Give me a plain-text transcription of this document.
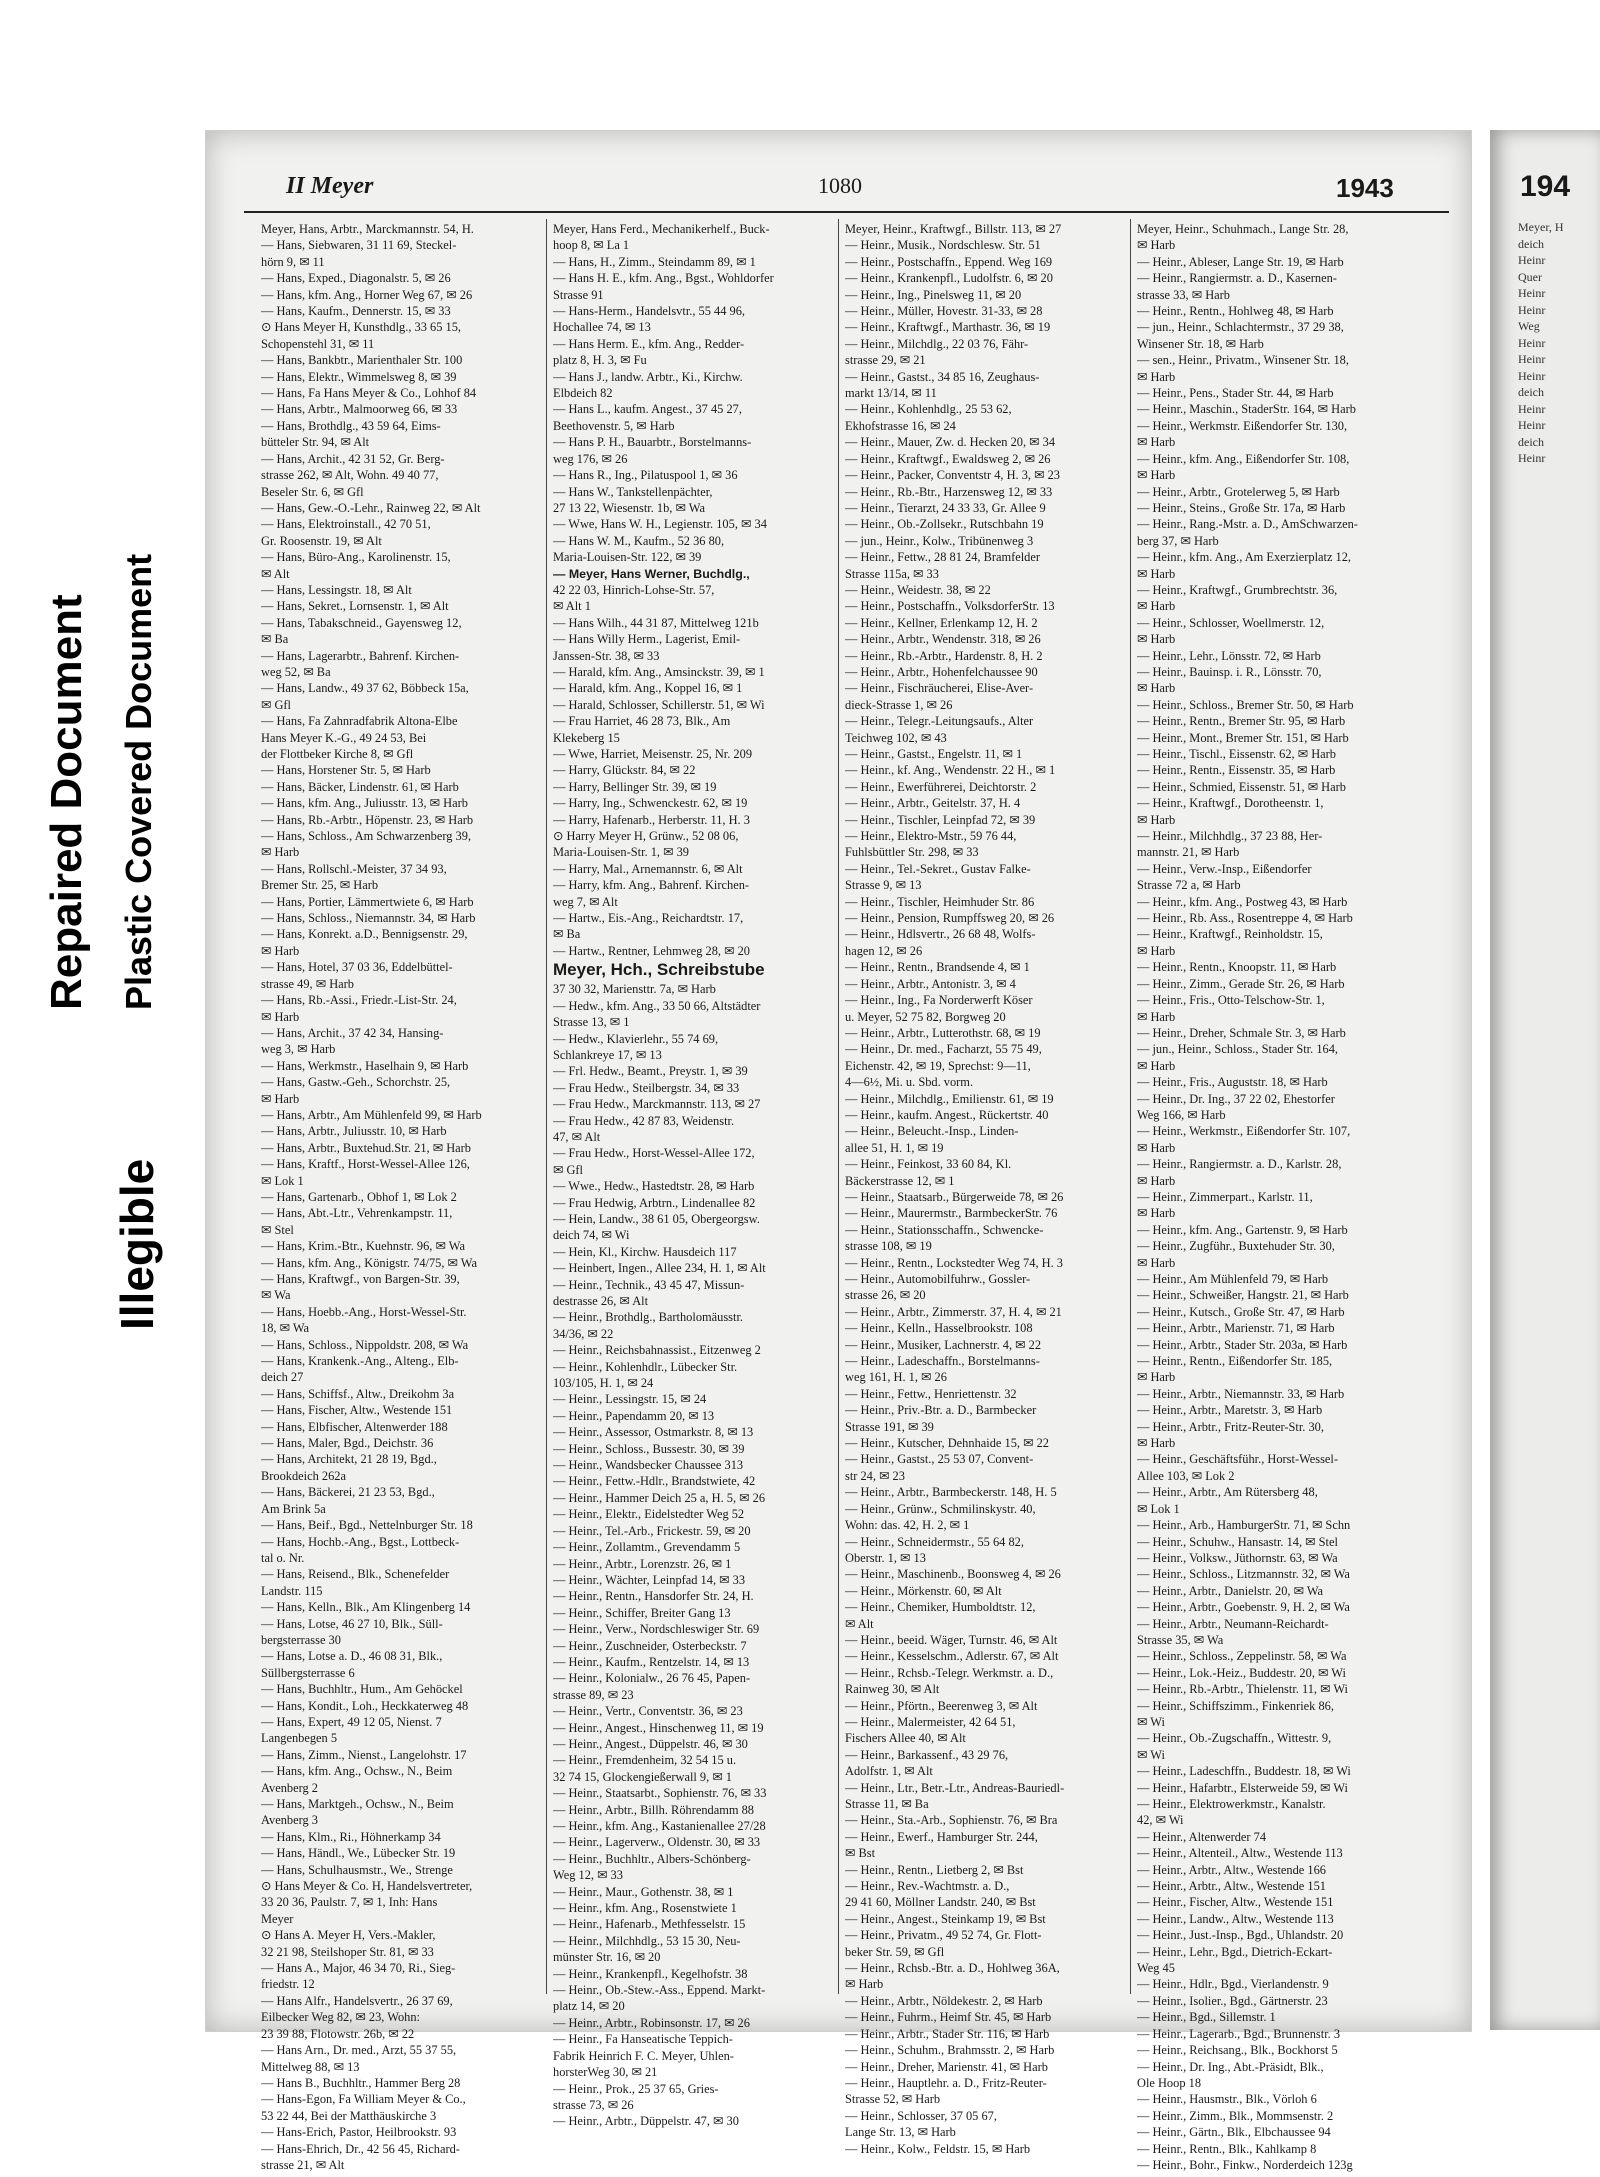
Repaired Document Plastic Covered Document
Illegible
II Meyer	1080	1943
Meyer, Hans, Arbtr., Marckmannstr. 54, H.
— Hans, Siebwaren, 31 11 69, Steckel-
hörn 9, ✉ 11
— Hans, Exped., Diagonalstr. 5, ✉ 26
— Hans, kfm. Ang., Horner Weg 67, ✉ 26
— Hans, Kaufm., Dennerstr. 15, ✉ 33
⊙ Hans Meyer H, Kunsthdlg., 33 65 15,
Schopenstehl 31, ✉ 11
— Hans, Bankbtr., Marienthaler Str. 100
— Hans, Elektr., Wimmelsweg 8, ✉ 39
— Hans, Fa Hans Meyer & Co., Lohhof 84
— Hans, Arbtr., Malmoorweg 66, ✉ 33
— Hans, Brothdlg., 43 59 64, Eims-
bütteler Str. 94, ✉ Alt
— Hans, Archit., 42 31 52, Gr. Berg-
strasse 262, ✉ Alt, Wohn. 49 40 77,
Beseler Str. 6, ✉ Gfl
— Hans, Gew.-O.-Lehr., Rainweg 22, ✉ Alt
— Hans, Elektroinstall., 42 70 51,
Gr. Roosenstr. 19, ✉ Alt
— Hans, Büro-Ang., Karolinenstr. 15,
✉ Alt
— Hans, Lessingstr. 18, ✉ Alt
— Hans, Sekret., Lornsenstr. 1, ✉ Alt
— Hans, Tabakschneid., Gayensweg 12,
✉ Ba
— Hans, Lagerarbtr., Bahrenf. Kirchen-
weg 52, ✉ Ba
— Hans, Landw., 49 37 62, Böbbeck 15a,
✉ Gfl
— Hans, Fa Zahnradfabrik Altona-Elbe
Hans Meyer K.-G., 49 24 53, Bei
der Flottbeker Kirche 8, ✉ Gfl
— Hans, Horstener Str. 5, ✉ Harb
— Hans, Bäcker, Lindenstr. 61, ✉ Harb
— Hans, kfm. Ang., Juliusstr. 13, ✉ Harb
— Hans, Rb.-Arbtr., Höpenstr. 23, ✉ Harb
— Hans, Schloss., Am Schwarzenberg 39,
✉ Harb
— Hans, Rollschl.-Meister, 37 34 93,
Bremer Str. 25, ✉ Harb
— Hans, Portier, Lämmertwiete 6, ✉ Harb
— Hans, Schloss., Niemannstr. 34, ✉ Harb
— Hans, Konrekt. a.D., Bennigsenstr. 29,
✉ Harb
— Hans, Hotel, 37 03 36, Eddelbüttel-
strasse 49, ✉ Harb
— Hans, Rb.-Assi., Friedr.-List-Str. 24,
✉ Harb
— Hans, Archit., 37 42 34, Hansing-
weg 3, ✉ Harb
— Hans, Werkmstr., Haselhain 9, ✉ Harb
— Hans, Gastw.-Geh., Schorchstr. 25,
✉ Harb
— Hans, Arbtr., Am Mühlenfeld 99, ✉ Harb
— Hans, Arbtr., Juliusstr. 10, ✉ Harb
— Hans, Arbtr., Buxtehud.Str. 21, ✉ Harb
— Hans, Kraftf., Horst-Wessel-Allee 126,
✉ Lok 1
— Hans, Gartenarb., Obhof 1, ✉ Lok 2
— Hans, Abt.-Ltr., Vehrenkampstr. 11,
✉ Stel
— Hans, Krim.-Btr., Kuehnstr. 96, ✉ Wa
— Hans, kfm. Ang., Königstr. 74/75, ✉ Wa
— Hans, Kraftwgf., von Bargen-Str. 39,
✉ Wa
— Hans, Hoebb.-Ang., Horst-Wessel-Str.
18, ✉ Wa
— Hans, Schloss., Nippoldstr. 208, ✉ Wa
— Hans, Krankenk.-Ang., Alteng., Elb-
deich 27
— Hans, Schiffsf., Altw., Dreikohm 3a
— Hans, Fischer, Altw., Westende 151
— Hans, Elbfischer, Altenwerder 188
— Hans, Maler, Bgd., Deichstr. 36
— Hans, Architekt, 21 28 19, Bgd.,
Brookdeich 262a
— Hans, Bäckerei, 21 23 53, Bgd.,
Am Brink 5a
— Hans, Beif., Bgd., Nettelnburger Str. 18
— Hans, Hochb.-Ang., Bgst., Lottbeck-
tal o. Nr.
— Hans, Reisend., Blk., Schenefelder
Landstr. 115
— Hans, Kelln., Blk., Am Klingenberg 14
— Hans, Lotse, 46 27 10, Blk., Süll-
bergsterrasse 30
— Hans, Lotse a. D., 46 08 31, Blk.,
Süllbergsterrasse 6
— Hans, Buchhltr., Hum., Am Gehöckel
— Hans, Kondit., Loh., Heckkaterweg 48
— Hans, Expert, 49 12 05, Nienst. 7
Langenbegen 5
— Hans, Zimm., Nienst., Langelohstr. 17
— Hans, kfm. Ang., Ochsw., N., Beim
Avenberg 2
— Hans, Marktgeh., Ochsw., N., Beim
Avenberg 3
— Hans, Klm., Ri., Höhnerkamp 34
— Hans, Händl., We., Lübecker Str. 19
— Hans, Schulhausmstr., We., Strenge
⊙ Hans Meyer & Co. H, Handelsvertreter,
33 20 36, Paulstr. 7, ✉ 1, Inh: Hans
Meyer
⊙ Hans A. Meyer H, Vers.-Makler,
32 21 98, Steilshoper Str. 81, ✉ 33
— Hans A., Major, 46 34 70, Ri., Sieg-
friedstr. 12
— Hans Alfr., Handelsvertr., 26 37 69,
Eilbecker Weg 82, ✉ 23, Wohn:
23 39 88, Flotowstr. 26b, ✉ 22
— Hans Arn., Dr. med., Arzt, 55 37 55,
Mittelweg 88, ✉ 13
— Hans B., Buchhltr., Hammer Berg 28
— Hans-Egon, Fa William Meyer & Co.,
53 22 44, Bei der Matthäuskirche 3
— Hans-Erich, Pastor, Heilbrookstr. 93
— Hans-Ehrich, Dr., 42 56 45, Richard-
strasse 21, ✉ Alt
Meyer, Hans Ferd., Mechanikerhelf., Buck-
hoop 8, ✉ La 1
— Hans, H., Zimm., Steindamm 89, ✉ 1
— Hans H. E., kfm. Ang., Bgst., Wohldorfer
Strasse 91
— Hans-Herm., Handelsvtr., 55 44 96,
Hochallee 74, ✉ 13
— Hans Herm. E., kfm. Ang., Redder-
platz 8, H. 3, ✉ Fu
— Hans J., landw. Arbtr., Ki., Kirchw.
Elbdeich 82
— Hans L., kaufm. Angest., 37 45 27,
Beethovenstr. 5, ✉ Harb
— Hans P. H., Bauarbtr., Borstelmanns-
weg 176, ✉ 26
— Hans R., Ing., Pilatuspool 1, ✉ 36
— Hans W., Tankstellenpächter,
27 13 22, Wiesenstr. 1b, ✉ Wa
— Wwe, Hans W. H., Legienstr. 105, ✉ 34
— Hans W. M., Kaufm., 52 36 80,
Maria-Louisen-Str. 122, ✉ 39
— Meyer, Hans Werner, Buchdlg.,
42 22 03, Hinrich-Lohse-Str. 57,
✉ Alt 1
— Hans Wilh., 44 31 87, Mittelweg 121b
— Hans Willy Herm., Lagerist, Emil-
Janssen-Str. 38, ✉ 33
— Harald, kfm. Ang., Amsinckstr. 39, ✉ 1
— Harald, kfm. Ang., Koppel 16, ✉ 1
— Harald, Schlosser, Schillerstr. 51, ✉ Wi
— Frau Harriet, 46 28 73, Blk., Am
Klekeberg 15
— Wwe, Harriet, Meisenstr. 25, Nr. 209
— Harry, Glückstr. 84, ✉ 22
— Harry, Bellinger Str. 39, ✉ 19
— Harry, Ing., Schwenckestr. 62, ✉ 19
— Harry, Hafenarb., Herberstr. 11, H. 3
⊙ Harry Meyer H, Grünw., 52 08 06,
Maria-Louisen-Str. 1, ✉ 39
— Harry, Mal., Arnemannstr. 6, ✉ Alt
— Harry, kfm. Ang., Bahrenf. Kirchen-
weg 7, ✉ Alt
— Hartw., Eis.-Ang., Reichardtstr. 17,
✉ Ba
— Hartw., Rentner, Lehmweg 28, ✉ 20
Meyer, Hch., Schreibstube
37 30 32, Mariensttr. 7a, ✉ Harb
— Hedw., kfm. Ang., 33 50 66, Altstädter
Strasse 13, ✉ 1
— Hedw., Klavierlehr., 55 74 69,
Schlankreye 17, ✉ 13
— Frl. Hedw., Beamt., Preystr. 1, ✉ 39
— Frau Hedw., Steilbergstr. 34, ✉ 33
— Frau Hedw., Marckmannstr. 113, ✉ 27
— Frau Hedw., 42 87 83, Weidenstr.
47, ✉ Alt
— Frau Hedw., Horst-Wessel-Allee 172,
✉ Gfl
— Wwe., Hedw., Hastedtstr. 28, ✉ Harb
— Frau Hedwig, Arbtrn., Lindenallee 82
— Hein, Landw., 38 61 05, Obergeorgsw.
deich 74, ✉ Wi
— Hein, Kl., Kirchw. Hausdeich 117
— Heinbert, Ingen., Allee 234, H. 1, ✉ Alt
— Heinr., Technik., 43 45 47, Missun-
destrasse 26, ✉ Alt
— Heinr., Brothdlg., Bartholomäusstr.
34/36, ✉ 22
— Heinr., Reichsbahnassist., Eitzenweg 2
— Heinr., Kohlenhdlr., Lübecker Str.
103/105, H. 1, ✉ 24
— Heinr., Lessingstr. 15, ✉ 24
— Heinr., Papendamm 20, ✉ 13
— Heinr., Assessor, Ostmarkstr. 8, ✉ 13
— Heinr., Schloss., Bussestr. 30, ✉ 39
— Heinr., Wandsbecker Chaussee 313
— Heinr., Fettw.-Hdlr., Brandstwiete, 42
— Heinr., Hammer Deich 25 a, H. 5, ✉ 26
— Heinr., Elektr., Eidelstedter Weg 52
— Heinr., Tel.-Arb., Frickestr. 59, ✉ 20
— Heinr., Zollamtm., Grevendamm 5
— Heinr., Arbtr., Lorenzstr. 26, ✉ 1
— Heinr., Wächter, Leinpfad 14, ✉ 33
— Heinr., Rentn., Hansdorfer Str. 24, H.
— Heinr., Schiffer, Breiter Gang 13
— Heinr., Verw., Nordschleswiger Str. 69
— Heinr., Zuschneider, Osterbeckstr. 7
— Heinr., Kaufm., Rentzelstr. 14, ✉ 13
— Heinr., Kolonialw., 26 76 45, Papen-
strasse 89, ✉ 23
— Heinr., Vertr., Conventstr. 36, ✉ 23
— Heinr., Angest., Hinschenweg 11, ✉ 19
— Heinr., Angest., Düppelstr. 46, ✉ 30
— Heinr., Fremdenheim, 32 54 15 u.
32 74 15, Glockengießerwall 9, ✉ 1
— Heinr., Staatsarbt., Sophienstr. 76, ✉ 33
— Heinr., Arbtr., Billh. Röhrendamm 88
— Heinr., kfm. Ang., Kastanienallee 27/28
— Heinr., Lagerverw., Oldenstr. 30, ✉ 33
— Heinr., Buchhltr., Albers-Schönberg-
Weg 12, ✉ 33
— Heinr., Maur., Gothenstr. 38, ✉ 1
— Heinr., kfm. Ang., Rosenstwiete 1
— Heinr., Hafenarb., Methfesselstr. 15
— Heinr., Milchhdlg., 53 15 30, Neu-
münster Str. 16, ✉ 20
— Heinr., Krankenpfl., Kegelhofstr. 38
— Heinr., Ob.-Stew.-Ass., Eppend. Markt-
platz 14, ✉ 20
— Heinr., Arbtr., Robinsonstr. 17, ✉ 26
— Heinr., Fa Hanseatische Teppich-
Fabrik Heinrich F. C. Meyer, Uhlen-
horsterWeg 30, ✉ 21
— Heinr., Prok., 25 37 65, Gries-
strasse 73, ✉ 26
— Heinr., Arbtr., Düppelstr. 47, ✉ 30
Meyer, Heinr., Kraftwgf., Billstr. 113, ✉ 27
— Heinr., Musik., Nordschlesw. Str. 51
— Heinr., Postschaffn., Eppend. Weg 169
— Heinr., Krankenpfl., Ludolfstr. 6, ✉ 20
— Heinr., Ing., Pinelsweg 11, ✉ 20
— Heinr., Müller, Hovestr. 31-33, ✉ 28
— Heinr., Kraftwgf., Marthastr. 36, ✉ 19
— Heinr., Milchdlg., 22 03 76, Fähr-
strasse 29, ✉ 21
— Heinr., Gastst., 34 85 16, Zeughaus-
markt 13/14, ✉ 11
— Heinr., Kohlenhdlg., 25 53 62,
Ekhofstrasse 16, ✉ 24
— Heinr., Mauer, Zw. d. Hecken 20, ✉ 34
— Heinr., Kraftwgf., Ewaldsweg 2, ✉ 26
— Heinr., Packer, Conventstr 4, H. 3, ✉ 23
— Heinr., Rb.-Btr., Harzensweg 12, ✉ 33
— Heinr., Tierarzt, 24 33 33, Gr. Allee 9
— Heinr., Ob.-Zollsekr., Rutschbahn 19
— jun., Heinr., Kolw., Tribünenweg 3
— Heinr., Fettw., 28 81 24, Bramfelder
Strasse 115a, ✉ 33
— Heinr., Weidestr. 38, ✉ 22
— Heinr., Postschaffn., VolksdorferStr. 13
— Heinr., Kellner, Erlenkamp 12, H. 2
— Heinr., Arbtr., Wendenstr. 318, ✉ 26
— Heinr., Rb.-Arbtr., Hardenstr. 8, H. 2
— Heinr., Arbtr., Hohenfelchaussee 90
— Heinr., Fischräucherei, Elise-Aver-
dieck-Strasse 1, ✉ 26
— Heinr., Telegr.-Leitungsaufs., Alter
Teichweg 102, ✉ 43
— Heinr., Gastst., Engelstr. 11, ✉ 1
— Heinr., kf. Ang., Wendenstr. 22 H., ✉ 1
— Heinr., Ewerführerei, Deichtorstr. 2
— Heinr., Arbtr., Geitelstr. 37, H. 4
— Heinr., Tischler, Leinpfad 72, ✉ 39
— Heinr., Elektro-Mstr., 59 76 44,
Fuhlsbüttler Str. 298, ✉ 33
— Heinr., Tel.-Sekret., Gustav Falke-
Strasse 9, ✉ 13
— Heinr., Tischler, Heimhuder Str. 86
— Heinr., Pension, Rumpffsweg 20, ✉ 26
— Heinr., Hdlsvertr., 26 68 48, Wolfs-
hagen 12, ✉ 26
— Heinr., Rentn., Brandsende 4, ✉ 1
— Heinr., Arbtr., Antonistr. 3, ✉ 4
— Heinr., Ing., Fa Norderwerft Köser
u. Meyer, 52 75 82, Borgweg 20
— Heinr., Arbtr., Lutterothstr. 68, ✉ 19
— Heinr., Dr. med., Facharzt, 55 75 49,
Eichenstr. 42, ✉ 19, Sprechst: 9—11,
4—6½, Mi. u. Sbd. vorm.
— Heinr., Milchdlg., Emilienstr. 61, ✉ 19
— Heinr., kaufm. Angest., Rückertstr. 40
— Heinr., Beleucht.-Insp., Linden-
allee 51, H. 1, ✉ 19
— Heinr., Feinkost, 33 60 84, Kl.
Bäckerstrasse 12, ✉ 1
— Heinr., Staatsarb., Bürgerweide 78, ✉ 26
— Heinr., Maurermstr., BarmbeckerStr. 76
— Heinr., Stationsschaffn., Schwencke-
strasse 108, ✉ 19
— Heinr., Rentn., Lockstedter Weg 74, H. 3
— Heinr., Automobilfuhrw., Gossler-
strasse 26, ✉ 20
— Heinr., Arbtr., Zimmerstr. 37, H. 4, ✉ 21
— Heinr., Kelln., Hasselbrookstr. 108
— Heinr., Musiker, Lachnerstr. 4, ✉ 22
— Heinr., Ladeschaffn., Borstelmanns-
weg 161, H. 1, ✉ 26
— Heinr., Fettw., Henriettenstr. 32
— Heinr., Priv.-Btr. a. D., Barmbecker
Strasse 191, ✉ 39
— Heinr., Kutscher, Dehnhaide 15, ✉ 22
— Heinr., Gastst., 25 53 07, Convent-
str 24, ✉ 23
— Heinr., Arbtr., Barmbeckerstr. 148, H. 5
— Heinr., Grünw., Schmilinskystr. 40,
Wohn: das. 42, H. 2, ✉ 1
— Heinr., Schneidermstr., 55 64 82,
Oberstr. 1, ✉ 13
— Heinr., Maschinenb., Boonsweg 4, ✉ 26
— Heinr., Mörkenstr. 60, ✉ Alt
— Heinr., Chemiker, Humboldtstr. 12,
✉ Alt
— Heinr., beeid. Wäger, Turnstr. 46, ✉ Alt
— Heinr., Kesselschm., Adlerstr. 67, ✉ Alt
— Heinr., Rchsb.-Telegr. Werkmstr. a. D.,
Rainweg 30, ✉ Alt
— Heinr., Pförtn., Beerenweg 3, ✉ Alt
— Heinr., Malermeister, 42 64 51,
Fischers Allee 40, ✉ Alt
— Heinr., Barkassenf., 43 29 76,
Adolfstr. 1, ✉ Alt
— Heinr., Ltr., Betr.-Ltr., Andreas-Bauriedl-
Strasse 11, ✉ Ba
— Heinr., Sta.-Arb., Sophienstr. 76, ✉ Bra
— Heinr., Ewerf., Hamburger Str. 244,
✉ Bst
— Heinr., Rentn., Lietberg 2, ✉ Bst
— Heinr., Rev.-Wachtmstr. a. D.,
29 41 60, Möllner Landstr. 240, ✉ Bst
— Heinr., Angest., Steinkamp 19, ✉ Bst
— Heinr., Privatm., 49 52 74, Gr. Flott-
beker Str. 59, ✉ Gfl
— Heinr., Rchsb.-Btr. a. D., Hohlweg 36A,
✉ Harb
— Heinr., Arbtr., Nöldekestr. 2, ✉ Harb
— Heinr., Fuhrm., Heimf Str. 45, ✉ Harb
— Heinr., Arbtr., Stader Str. 116, ✉ Harb
— Heinr., Schuhm., Brahmsstr. 2, ✉ Harb
— Heinr., Dreher, Marienstr. 41, ✉ Harb
— Heinr., Hauptlehr. a. D., Fritz-Reuter-
Strasse 52, ✉ Harb
— Heinr., Schlosser, 37 05 67,
Lange Str. 13, ✉ Harb
— Heinr., Kolw., Feldstr. 15, ✉ Harb
Meyer, Heinr., Schuhmach., Lange Str. 28,
✉ Harb
— Heinr., Ableser, Lange Str. 19, ✉ Harb
— Heinr., Rangiermstr. a. D., Kasernen-
strasse 33, ✉ Harb
— Heinr., Rentn., Hohlweg 48, ✉ Harb
— jun., Heinr., Schlachtermstr., 37 29 38,
Winsener Str. 18, ✉ Harb
— sen., Heinr., Privatm., Winsener Str. 18,
✉ Harb
— Heinr., Pens., Stader Str. 44, ✉ Harb
— Heinr., Maschin., StaderStr. 164, ✉ Harb
— Heinr., Werkmstr. Eißendorfer Str. 130,
✉ Harb
— Heinr., kfm. Ang., Eißendorfer Str. 108,
✉ Harb
— Heinr., Arbtr., Grotelerweg 5, ✉ Harb
— Heinr., Steins., Große Str. 17a, ✉ Harb
— Heinr., Rang.-Mstr. a. D., AmSchwarzen-
berg 37, ✉ Harb
— Heinr., kfm. Ang., Am Exerzierplatz 12,
✉ Harb
— Heinr., Kraftwgf., Grumbrechtstr. 36,
✉ Harb
— Heinr., Schlosser, Woellmerstr. 12,
✉ Harb
— Heinr., Lehr., Lönsstr. 72, ✉ Harb
— Heinr., Bauinsp. i. R., Lönsstr. 70,
✉ Harb
— Heinr., Schloss., Bremer Str. 50, ✉ Harb
— Heinr., Rentn., Bremer Str. 95, ✉ Harb
— Heinr., Mont., Bremer Str. 151, ✉ Harb
— Heinr., Tischl., Eissenstr. 62, ✉ Harb
— Heinr., Rentn., Eissenstr. 35, ✉ Harb
— Heinr., Schmied, Eissenstr. 51, ✉ Harb
— Heinr., Kraftwgf., Dorotheenstr. 1,
✉ Harb
— Heinr., Milchhdlg., 37 23 88, Her-
mannstr. 21, ✉ Harb
— Heinr., Verw.-Insp., Eißendorfer
Strasse 72 a, ✉ Harb
— Heinr., kfm. Ang., Postweg 43, ✉ Harb
— Heinr., Rb. Ass., Rosentreppe 4, ✉ Harb
— Heinr., Kraftwgf., Reinholdstr. 15,
✉ Harb
— Heinr., Rentn., Knoopstr. 11, ✉ Harb
— Heinr., Zimm., Gerade Str. 26, ✉ Harb
— Heinr., Fris., Otto-Telschow-Str. 1,
✉ Harb
— Heinr., Dreher, Schmale Str. 3, ✉ Harb
— jun., Heinr., Schloss., Stader Str. 164,
✉ Harb
— Heinr., Fris., Auguststr. 18, ✉ Harb
— Heinr., Dr. Ing., 37 22 02, Ehestorfer
Weg 166, ✉ Harb
— Heinr., Werkmstr., Eißendorfer Str. 107,
✉ Harb
— Heinr., Rangiermstr. a. D., Karlstr. 28,
✉ Harb
— Heinr., Zimmerpart., Karlstr. 11,
✉ Harb
— Heinr., kfm. Ang., Gartenstr. 9, ✉ Harb
— Heinr., Zugführ., Buxtehuder Str. 30,
✉ Harb
— Heinr., Am Mühlenfeld 79, ✉ Harb
— Heinr., Schweißer, Hangstr. 21, ✉ Harb
— Heinr., Kutsch., Große Str. 47, ✉ Harb
— Heinr., Arbtr., Marienstr. 71, ✉ Harb
— Heinr., Arbtr., Stader Str. 203a, ✉ Harb
— Heinr., Rentn., Eißendorfer Str. 185,
✉ Harb
— Heinr., Arbtr., Niemannstr. 33, ✉ Harb
— Heinr., Arbtr., Maretstr. 3, ✉ Harb
— Heinr., Arbtr., Fritz-Reuter-Str. 30,
✉ Harb
— Heinr., Geschäftsführ., Horst-Wessel-
Allee 103, ✉ Lok 2
— Heinr., Arbtr., Am Rütersberg 48,
✉ Lok 1
— Heinr., Arb., HamburgerStr. 71, ✉ Schn
— Heinr., Schuhw., Hansastr. 14, ✉ Stel
— Heinr., Volksw., Jüthornstr. 63, ✉ Wa
— Heinr., Schloss., Litzmannstr. 32, ✉ Wa
— Heinr., Arbtr., Danielstr. 20, ✉ Wa
— Heinr., Arbtr., Goebenstr. 9, H. 2, ✉ Wa
— Heinr., Arbtr., Neumann-Reichardt-
Strasse 35, ✉ Wa
— Heinr., Schloss., Zeppelinstr. 58, ✉ Wa
— Heinr., Lok.-Heiz., Buddestr. 20, ✉ Wi
— Heinr., Rb.-Arbtr., Thielenstr. 11, ✉ Wi
— Heinr., Schiffszimm., Finkenriek 86,
✉ Wi
— Heinr., Ob.-Zugschaffn., Wittestr. 9,
✉ Wi
— Heinr., Ladeschffn., Buddestr. 18, ✉ Wi
— Heinr., Hafarbtr., Elsterweide 59, ✉ Wi
— Heinr., Elektrowerkmstr., Kanalstr.
42, ✉ Wi
— Heinr., Altenwerder 74
— Heinr., Altenteil., Altw., Westende 113
— Heinr., Arbtr., Altw., Westende 166
— Heinr., Arbtr., Altw., Westende 151
— Heinr., Fischer, Altw., Westende 151
— Heinr., Landw., Altw., Westende 113
— Heinr., Just.-Insp., Bgd., Uhlandstr. 20
— Heinr., Lehr., Bgd., Dietrich-Eckart-
Weg 45
— Heinr., Hdlr., Bgd., Vierlandenstr. 9
— Heinr., Isolier., Bgd., Gärtnerstr. 23
— Heinr., Bgd., Sillemstr. 1
— Heinr., Lagerarb., Bgd., Brunnenstr. 3
— Heinr., Reichsang., Blk., Bockhorst 5
— Heinr., Dr. Ing., Abt.-Präsidt, Blk.,
Ole Hoop 18
— Heinr., Hausmstr., Blk., Vörloh 6
— Heinr., Zimm., Blk., Mommsenstr. 2
— Heinr., Gärtn., Blk., Elbchaussee 94
— Heinr., Rentn., Blk., Kahlkamp 8
— Heinr., Bohr., Finkw., Norderdeich 123g
194
Meyer, H
deich
Heinr
Quer
Heinr
Heinr
Weg
Heinr
Heinr
Heinr
deich
Heinr
Heinr
deich
Heinr
